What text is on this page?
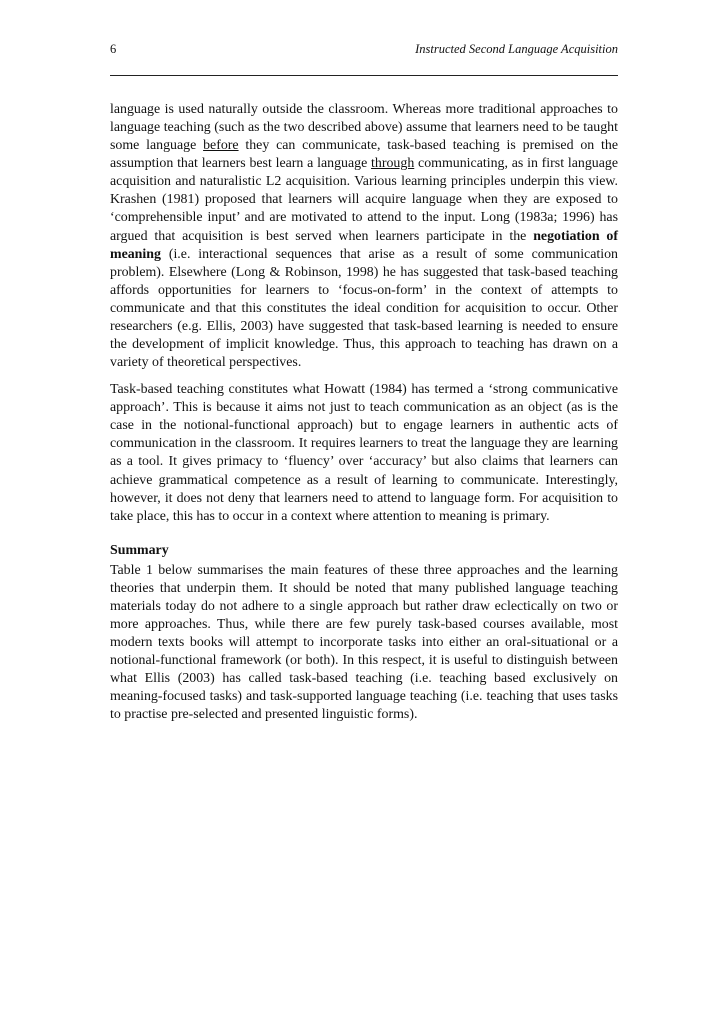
6	Instructed Second Language Acquisition

language is used naturally outside the classroom. Whereas more traditional approaches to language teaching (such as the two described above) assume that learners need to be taught some language before they can communicate, task-based teaching is premised on the assumption that learners best learn a language through communicating, as in first language acquisition and naturalistic L2 acquisition. Various learning principles underpin this view. Krashen (1981) proposed that learners will acquire language when they are exposed to ‘comprehensible input’ and are motivated to attend to the input. Long (1983a; 1996) has argued that acquisition is best served when learners participate in the negotiation of meaning (i.e. interactional sequences that arise as a result of some communication problem). Elsewhere (Long & Robinson, 1998) he has suggested that task-based teaching affords opportunities for learners to ‘focus-on-form’ in the context of attempts to communicate and that this constitutes the ideal condition for acquisition to occur. Other researchers (e.g. Ellis, 2003) have suggested that task-based learning is needed to ensure the development of implicit knowledge. Thus, this approach to teaching has drawn on a variety of theoretical perspectives.

Task-based teaching constitutes what Howatt (1984) has termed a ‘strong communicative approach’. This is because it aims not just to teach communication as an object (as is the case in the notional-functional approach) but to engage learners in authentic acts of communication in the classroom. It requires learners to treat the language they are learning as a tool. It gives primacy to ‘fluency’ over ‘accuracy’ but also claims that learners can achieve grammatical competence as a result of learning to communicate. Interestingly, however, it does not deny that learners need to attend to language form. For acquisition to take place, this has to occur in a context where attention to meaning is primary.

Summary

Table 1 below summarises the main features of these three approaches and the learning theories that underpin them. It should be noted that many published language teaching materials today do not adhere to a single approach but rather draw eclectically on two or more approaches. Thus, while there are few purely task-based courses available, most modern texts books will attempt to incorporate tasks into either an oral-situational or a notional-functional framework (or both). In this respect, it is useful to distinguish between what Ellis (2003) has called task-based teaching (i.e. teaching based exclusively on meaning-focused tasks) and task-supported language teaching (i.e. teaching that uses tasks to practise pre-selected and presented linguistic forms).
